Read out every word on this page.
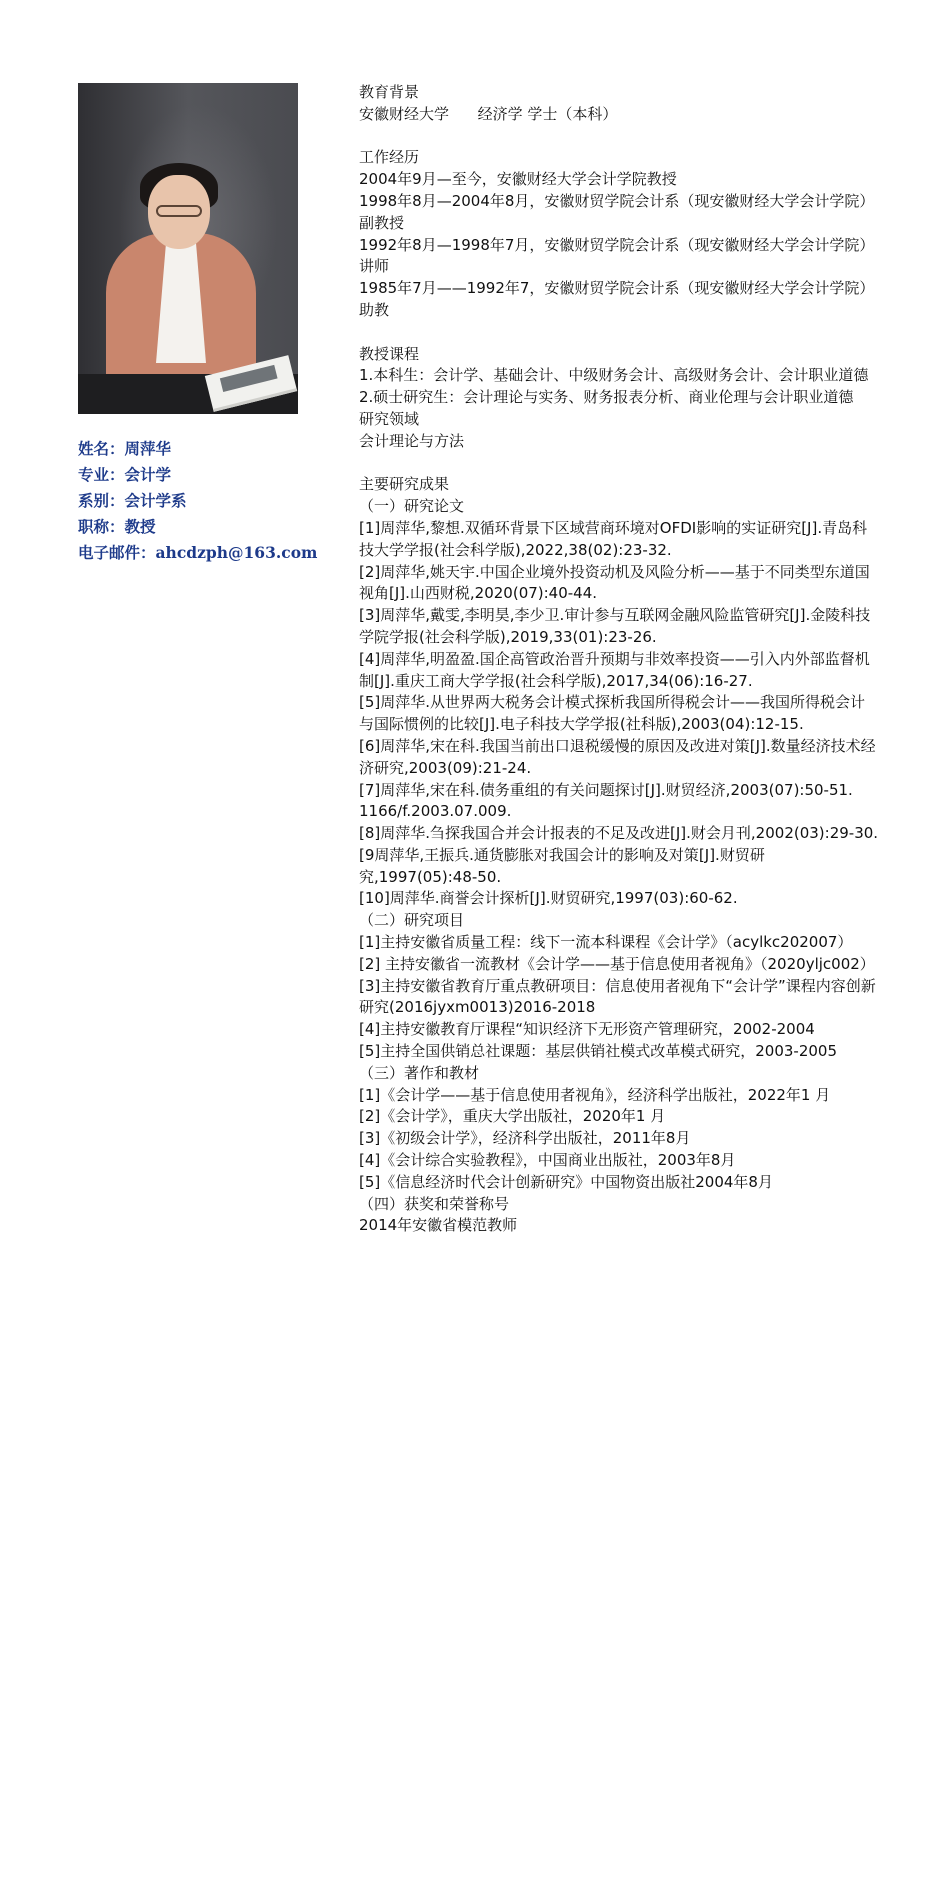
姓名：周萍华
专业：会计学
系别：会计学系
职称：教授
电子邮件：ahcdzph@163.com
教育背景
安徽财经大学      经济学 学士（本科）
工作经历
2004年9月—至今，安徽财经大学会计学院教授
1998年8月—2004年8月，安徽财贸学院会计系（现安徽财经大学会计学院）副教授
1992年8月—1998年7月，安徽财贸学院会计系（现安徽财经大学会计学院）讲师
1985年7月——1992年7，安徽财贸学院会计系（现安徽财经大学会计学院）助教
教授课程
1.本科生：会计学、基础会计、中级财务会计、高级财务会计、会计职业道德
2.硕士研究生：会计理论与实务、财务报表分析、商业伦理与会计职业道德
研究领域
会计理论与方法
主要研究成果
（一）研究论文
[1]周萍华,黎想.双循环背景下区域营商环境对OFDI影响的实证研究[J].青岛科技大学学报(社会科学版),2022,38(02):23-32.
[2]周萍华,姚天宇.中国企业境外投资动机及风险分析——基于不同类型东道国视角[J].山西财税,2020(07):40-44.
[3]周萍华,戴雯,李明昊,李少卫.审计参与互联网金融风险监管研究[J].金陵科技学院学报(社会科学版),2019,33(01):23-26.
[4]周萍华,明盈盈.国企高管政治晋升预期与非效率投资——引入内外部监督机制[J].重庆工商大学学报(社会科学版),2017,34(06):16-27.
[5]周萍华.从世界两大税务会计模式探析我国所得税会计——我国所得税会计与国际惯例的比较[J].电子科技大学学报(社科版),2003(04):12-15.
[6]周萍华,宋在科.我国当前出口退税缓慢的原因及改进对策[J].数量经济技术经济研究,2003(09):21-24.
[7]周萍华,宋在科.债务重组的有关问题探讨[J].财贸经济,2003(07):50-51. 1166/f.2003.07.009.
[8]周萍华.刍探我国合并会计报表的不足及改进[J].财会月刊,2002(03):29-30.
[9周萍华,王振兵.通货膨胀对我国会计的影响及对策[J].财贸研究,1997(05):48-50.
[10]周萍华.商誉会计探析[J].财贸研究,1997(03):60-62.
（二）研究项目
[1]主持安徽省质量工程：线下一流本科课程《会计学》（acylkc202007）
[2] 主持安徽省一流教材《会计学——基于信息使用者视角》（2020yljc002）
[3]主持安徽省教育厅重点教研项目：信息使用者视角下“会计学”课程内容创新研究(2016jyxm0013)2016-2018
[4]主持安徽教育厅课程“知识经济下无形资产管理研究，2002-2004
[5]主持全国供销总社课题：基层供销社模式改革模式研究，2003-2005
（三）著作和教材
[1]《会计学——基于信息使用者视角》，经济科学出版社，2022年1 月
[2]《会计学》，重庆大学出版社，2020年1 月
[3]《初级会计学》，经济科学出版社，2011年8月
[4]《会计综合实验教程》，中国商业出版社，2003年8月
[5]《信息经济时代会计创新研究》中国物资出版社2004年8月
（四）获奖和荣誉称号
2014年安徽省模范教师
